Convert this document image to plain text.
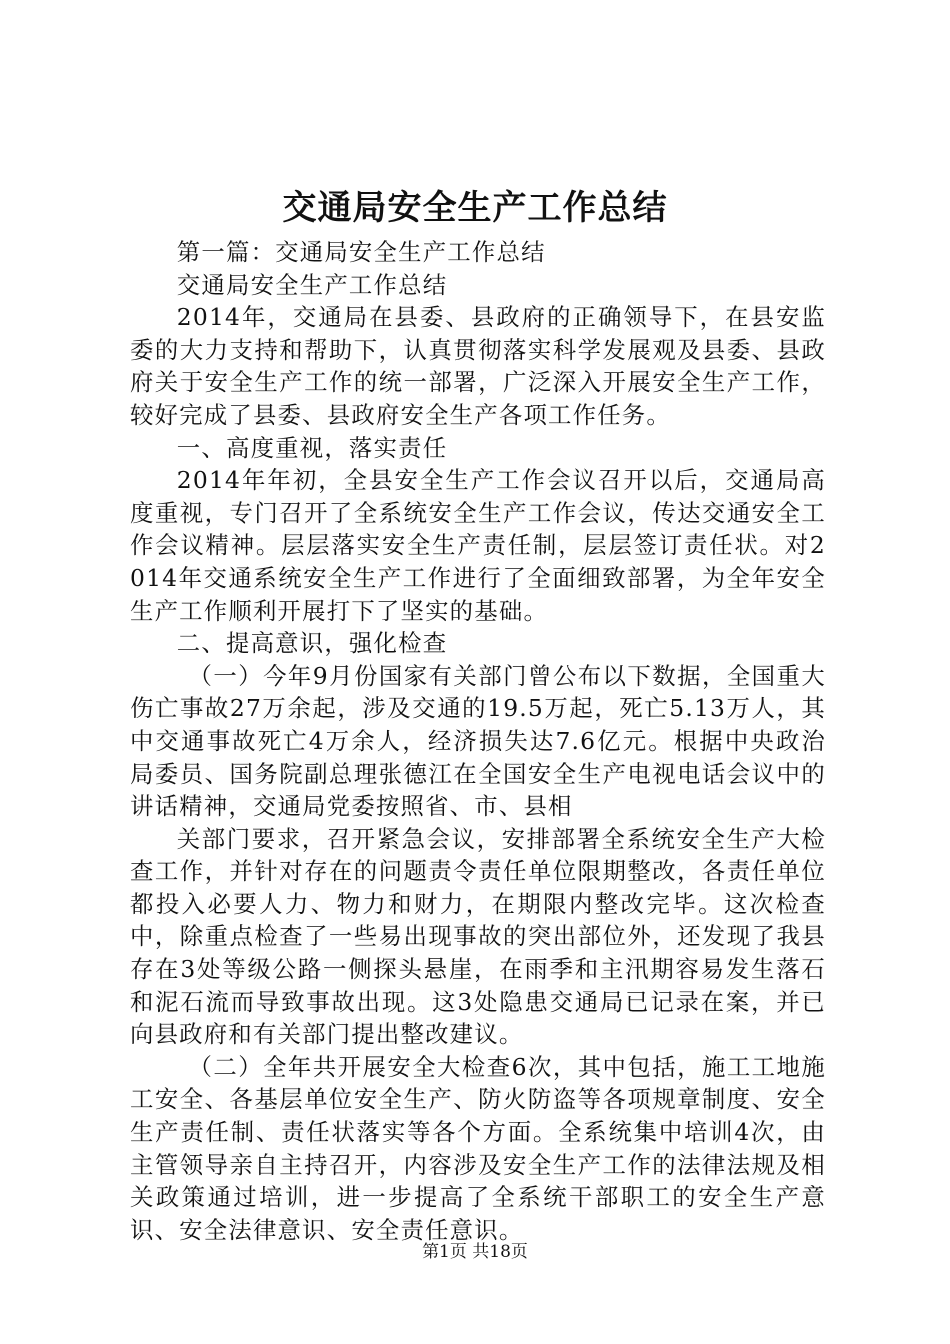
交通局安全生产工作总结

第一篇：交通局安全生产工作总结

交通局安全生产工作总结

2014年，交通局在县委、县政府的正确领导下，在县安监委的大力支持和帮助下，认真贯彻落实科学发展观及县委、县政府关于安全生产工作的统一部署，广泛深入开展安全生产工作，较好完成了县委、县政府安全生产各项工作任务。

一、高度重视，落实责任

2014年年初，全县安全生产工作会议召开以后，交通局高度重视，专门召开了全系统安全生产工作会议，传达交通安全工作会议精神。层层落实安全生产责任制，层层签订责任状。对2014年交通系统安全生产工作进行了全面细致部署，为全年安全生产工作顺利开展打下了坚实的基础。

二、提高意识，强化检查

（一）今年9月份国家有关部门曾公布以下数据，全国重大伤亡事故27万余起，涉及交通的19.5万起，死亡5.13万人，其中交通事故死亡4万余人，经济损失达7.6亿元。根据中央政治局委员、国务院副总理张德江在全国安全生产电视电话会议中的讲话精神，交通局党委按照省、市、县相

关部门要求，召开紧急会议，安排部署全系统安全生产大检查工作，并针对存在的问题责令责任单位限期整改，各责任单位都投入必要人力、物力和财力，在期限内整改完毕。这次检查中，除重点检查了一些易出现事故的突出部位外，还发现了我县存在3处等级公路一侧探头悬崖，在雨季和主汛期容易发生落石和泥石流而导致事故出现。这3处隐患交通局已记录在案，并已向县政府和有关部门提出整改建议。

（二）全年共开展安全大检查6次，其中包括，施工工地施工安全、各基层单位安全生产、防火防盗等各项规章制度、安全生产责任制、责任状落实等各个方面。全系统集中培训4次，由主管领导亲自主持召开，内容涉及安全生产工作的法律法规及相关政策通过培训，进一步提高了全系统干部职工的安全生产意识、安全法律意识、安全责任意识。

第1页 共18页
